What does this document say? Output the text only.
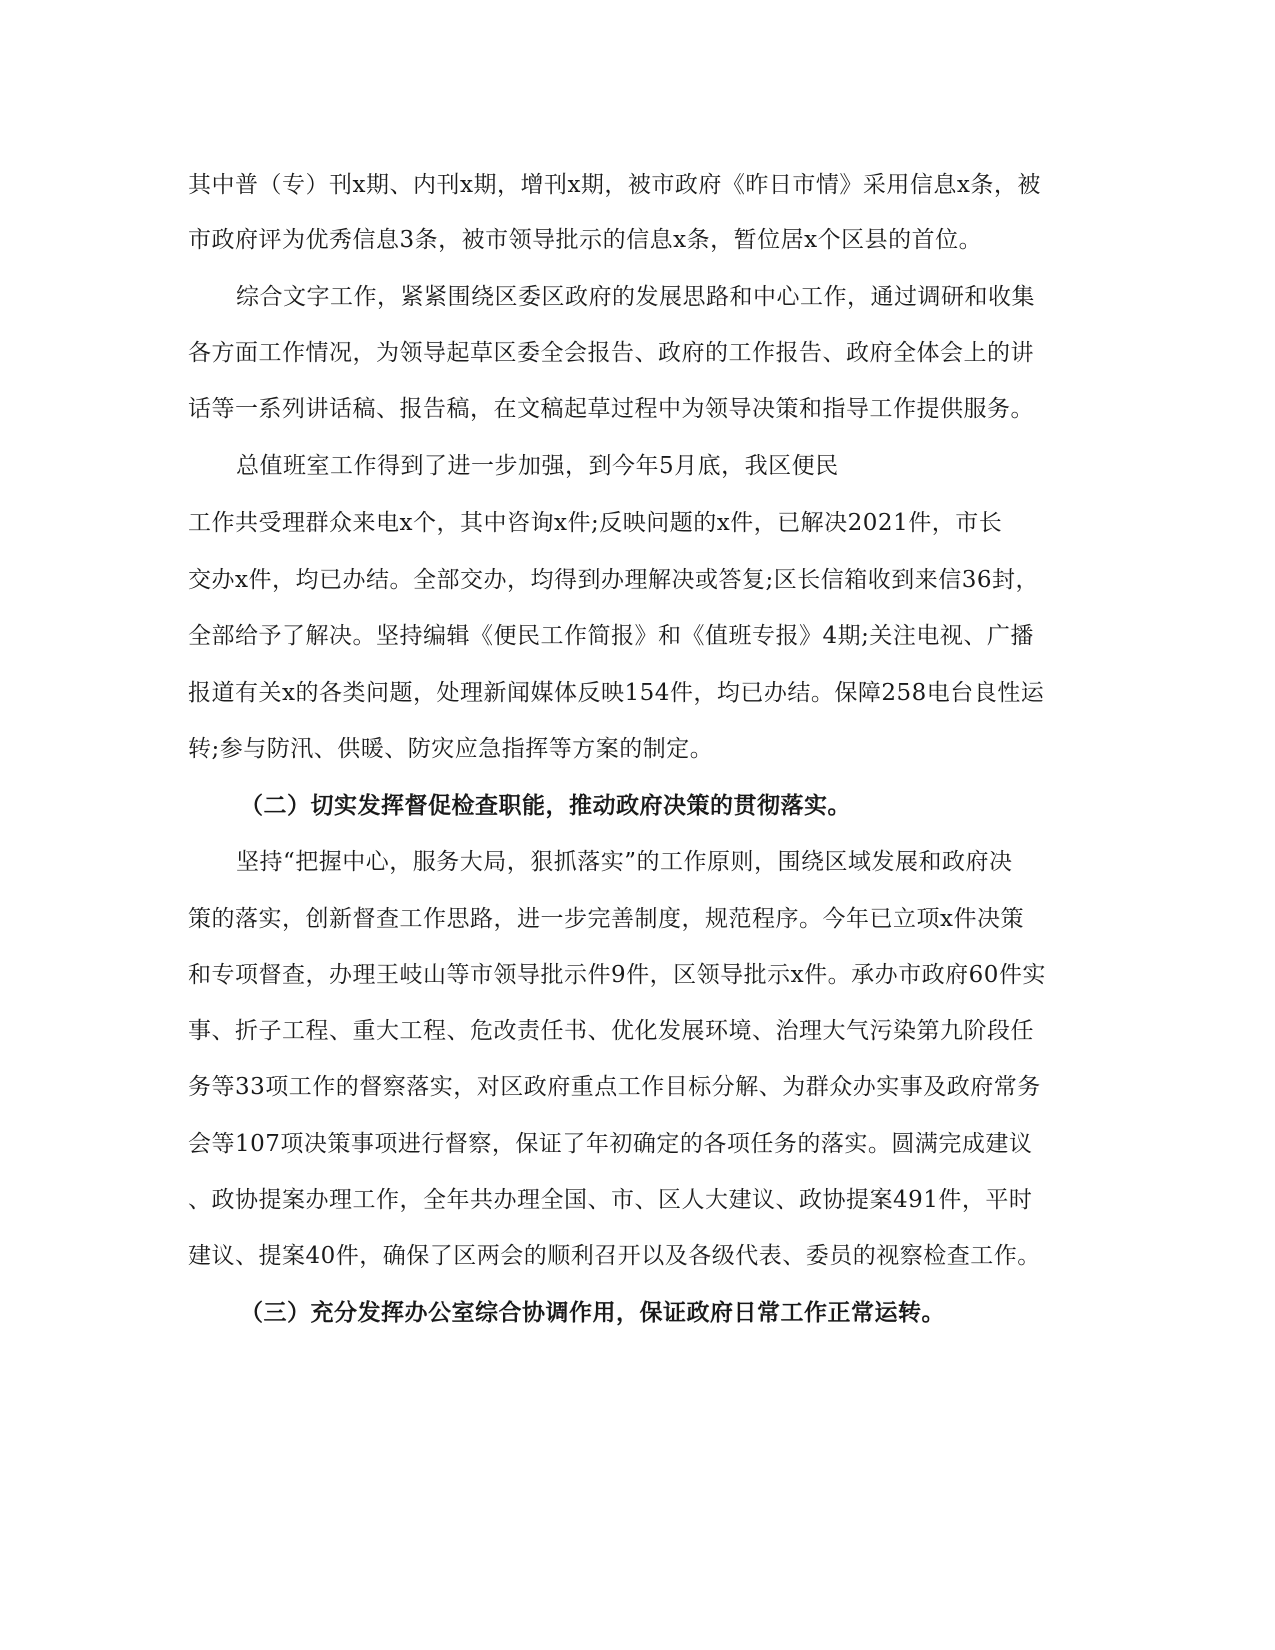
其中普（专）刊x期、内刊x期，增刊x期，被市政府《昨日市情》采用信息x条，被
市政府评为优秀信息3条，被市领导批示的信息x条，暂位居x个区县的首位。
综合文字工作，紧紧围绕区委区政府的发展思路和中心工作，通过调研和收集
各方面工作情况，为领导起草区委全会报告、政府的工作报告、政府全体会上的讲
话等一系列讲话稿、报告稿，在文稿起草过程中为领导决策和指导工作提供服务。
总值班室工作得到了进一步加强，到今年5月底，我区便民
工作共受理群众来电x个，其中咨询x件;反映问题的x件，已解决2021件，市长
交办x件，均已办结。全部交办，均得到办理解决或答复;区长信箱收到来信36封，
全部给予了解决。坚持编辑《便民工作简报》和《值班专报》4期;关注电视、广播
报道有关x的各类问题，处理新闻媒体反映154件，均已办结。保障258电台良性运
转;参与防汛、供暖、防灾应急指挥等方案的制定。
（二）切实发挥督促检查职能，推动政府决策的贯彻落实。
坚持“把握中心，服务大局，狠抓落实”的工作原则，围绕区域发展和政府决
策的落实，创新督查工作思路，进一步完善制度，规范程序。今年已立项x件决策
和专项督查，办理王岐山等市领导批示件9件，区领导批示x件。承办市政府60件实
事、折子工程、重大工程、危改责任书、优化发展环境、治理大气污染第九阶段任
务等33项工作的督察落实，对区政府重点工作目标分解、为群众办实事及政府常务
会等107项决策事项进行督察，保证了年初确定的各项任务的落实。圆满完成建议
、政协提案办理工作，全年共办理全国、市、区人大建议、政协提案491件，平时
建议、提案40件，确保了区两会的顺利召开以及各级代表、委员的视察检查工作。
（三）充分发挥办公室综合协调作用，保证政府日常工作正常运转。
